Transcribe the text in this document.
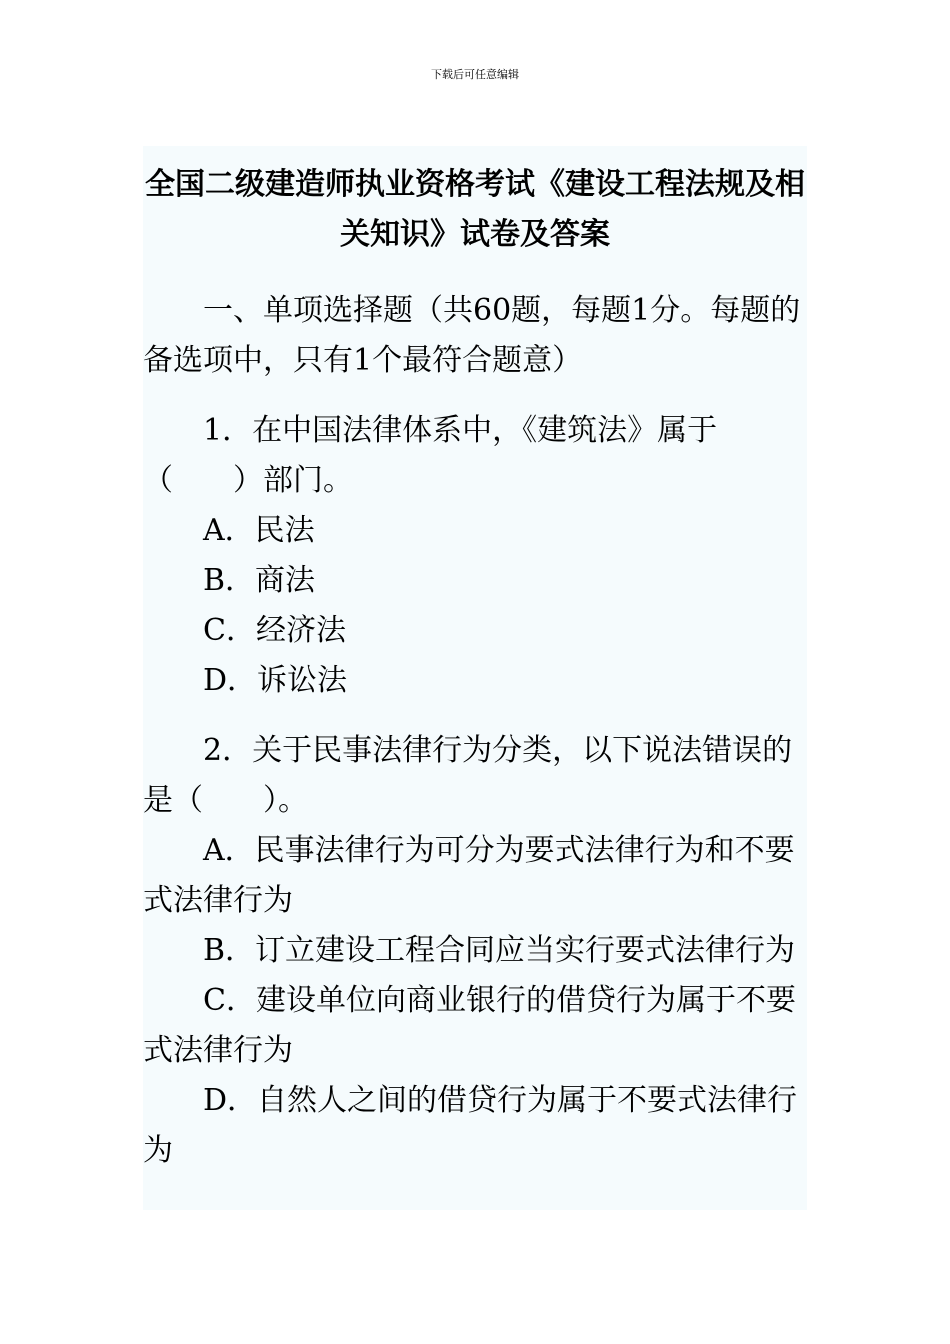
下载后可任意编辑

全国二级建造师执业资格考试《建设工程法规及相关知识》试卷及答案

一、单项选择题（共60题，每题1分。每题的备选项中，只有1个最符合题意）

1．在中国法律体系中，《建筑法》属于（　　）部门。

A．民法

B．商法

C．经济法

D．诉讼法

2．关于民事法律行为分类，以下说法错误的是（　　）。

A．民事法律行为可分为要式法律行为和不要式法律行为

B．订立建设工程合同应当实行要式法律行为

C．建设单位向商业银行的借贷行为属于不要式法律行为

D．自然人之间的借贷行为属于不要式法律行为
